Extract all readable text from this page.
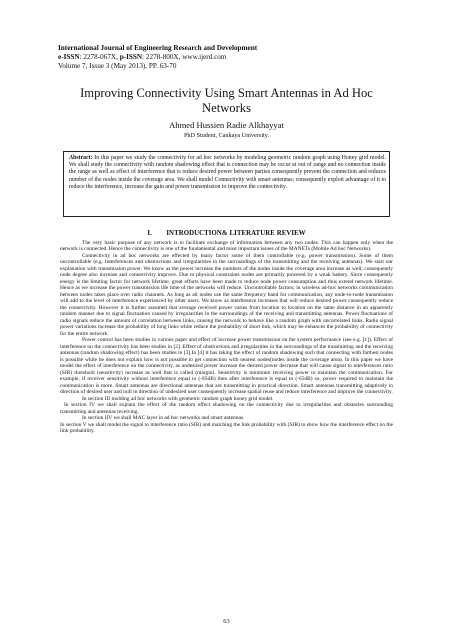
International Journal of Engineering Research and Development
e-ISSN: 2278-067X, p-ISSN: 2278-800X, www.ijerd.com
Volume 7, Issue 3 (May 2013), PP. 63-70
Improving Connectivity Using Smart Antennas in Ad Hoc Networks
Ahmed Hussien Radie Alkhayyat
PhD Student, Cankaya University.
Abstract: In this paper we study the connectivity for ad hoc networks by modeling geometric random graph using Honey gird model. We shall study the connectivity with random shadowing effect that is connection may be occur at out of range and no connection inside the range as well as effect of interference that is reduce desired power between parties consequently prevent the connection and reduces number of the nodes inside the coverage area. We shall model Connectivity with smart antennas; consequently exploit advantage of it to reduce the interference, increase the gain and power transmission to improve the connectivity.
I.        INTRODUCTION& LITERATURE REVIEW

The very basic purpose of any network is to facilitate exchange of information between any two nodes. This can happen only when the network is connected. Hence the connectivity is one of the fundamental and most important issues of the MANETs (Mobile Ad hoc Networks).

Connectivity in ad hoc networks are effected by many factor some of them controllable (e.g. power transmission). Some of them uncontrollable (e.g. Interferences and obstructions and irregularities in the surroundings of the transmitting and the receiving antennas). We start our explanation with transmission power. We know as the power increase the numbers of the nodes inside the coverage area increase as well, consequently node degree also increase and connectivity improve. Due to physical constraints nodes are primarily powered by a weak battery. Since consequently energy is the limiting factor for network lifetime, great efforts have been made to reduce node power consumption and thus extend network lifetime. Hence as we increase the power transmission life time of the networks will reduce. Uncontrollable factors; in wireless ad-hoc networks communication between nodes takes place over radio channels. As long as all nodes use the same frequency band for communication, any node-to-node transmission will add to the level of interference experienced by other users. We know as interference increases that will reduce desired power consequently reduce the connectivity. However it is further assumed that average received power varies from location to location on the same distance in an apparently random manner due to signal fluctuation caused by irregularities in the surroundings of the receiving and transmitting antennas. Power fluctuations of radio signals reduce the amount of correlation between links, causing the network to behave like a random graph with uncorrelated links. Radio signal power variations increase the probability of long links while reduce the probability of short link, which may be enhances the probability of connectivity for the entire network.

Power control has been studies in various paper and effect of increase power transmission on the system performance (see e.g. [1]). Effect of interference on the connectivity has been studies in [2]. Effect of obstructions and irregularities in the surroundings of the transmitting and the receiving antennas (random shadowing effect) has been studies in [3].In [4] it has taking the effect of random shadowing such that connecting with farthest nodes is possible while he does not explain how is not possible to get connection with nearest nodes(nodes inside the coverage area). In this paper we have model the effect of interference on the connectivity, as undesired power increase the desired power decrease that will cause signal to interferences ratio (SIR) threshold (sensitivity) increase as well that is called (margin). Sensitivity is minimum receiving power to maintain the communication. For example, if receiver sensitivity without interference equal to (-85dB) then after interference is equal to (-65dB) so, power required to maintain the communication is more. Smart antennas are directional antennas that are transmitting in practical direction. Smart antennas transmitting adaptively in direction of desired user and null in direction of undesired user consequently increase spatial reuse and reduce interference and improve the connectivity.

In section III molding ad hoc networks with geometric random graph honey grid model.

In section IV we shall explain the effect of the random effect shadowing on the connectivity due to irregularities and obstacles surrounding transmitting and antennas receiving.

In section IIV we shall MAC layer in ad hoc networks and smart antennas.

In section V we shall model the signal to interference ratio (SIR) and matching the link probability with (SIR) to show how the interference effect on the link probability.

63
